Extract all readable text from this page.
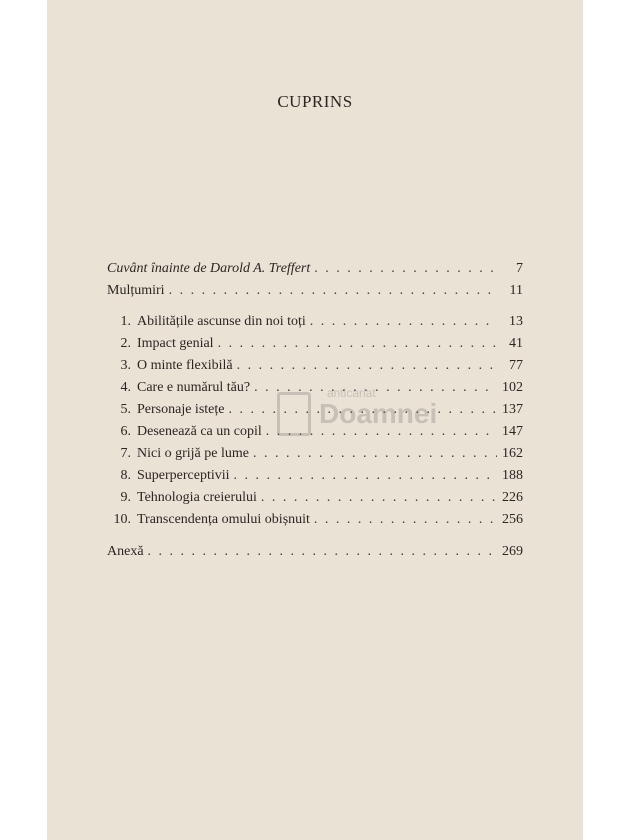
CUPRINS
Cuvânt înainte de Darold A. Treffert . . .	7
Mulțumiri . . .	11
1. Abilitățile ascunse din noi toți . . .	13
2. Impact genial . . .	41
3. O minte flexibilă . . .	77
4. Care e numărul tău? . . .	102
5. Personaje istețe . . .	137
6. Desenează ca un copil . . .	147
7. Nici o grijă pe lume . . .	162
8. Superperceptivii . . .	188
9. Tehnologia creierului . . .	226
10. Transcendența omului obișnuit . . .	256
Anexă . . .	269
anticariat
Doamnei
